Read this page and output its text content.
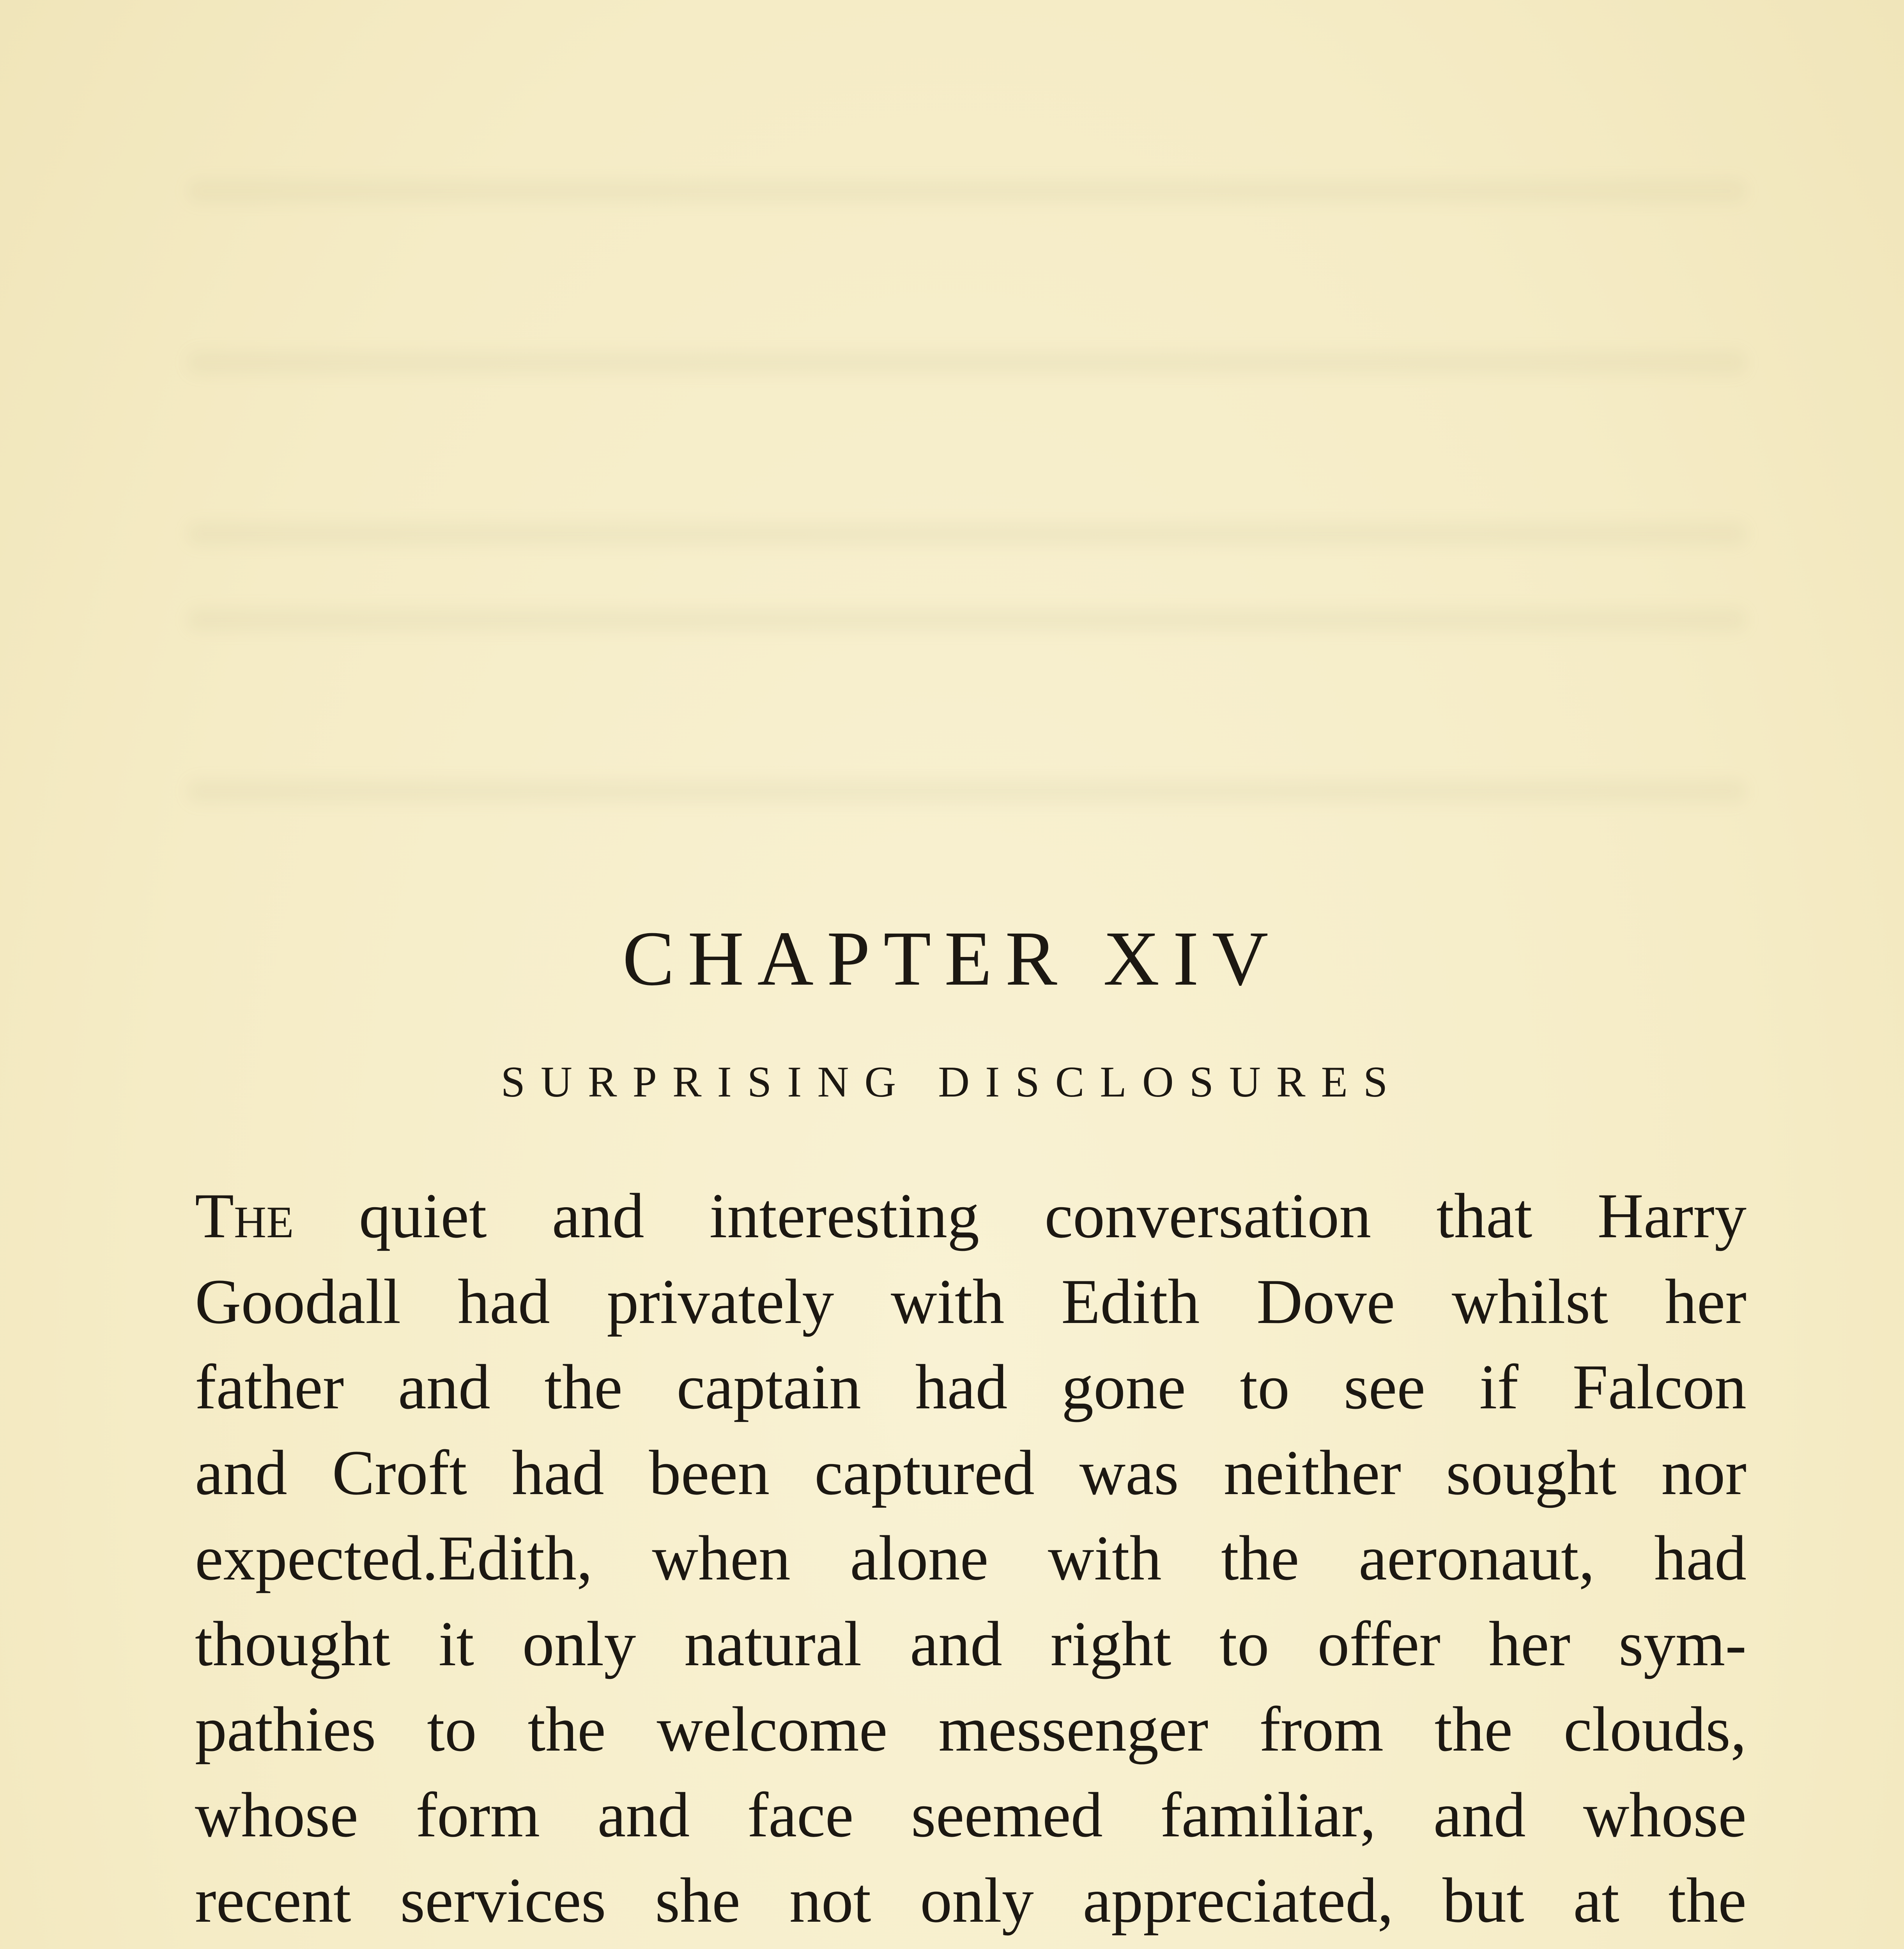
CHAPTER XIV
SURPRISING DISCLOSURES
The quiet and interesting conversation that Harry
Goodall had privately with Edith Dove whilst her
father and the captain had gone to see if Falcon
and Croft had been captured was neither sought nor
expected.Edith, when alone with the aeronaut, had
thought it only natural and right to offer her sym-
pathies to the welcome messenger from the clouds,
whose form and face seemed familiar, and whose
recent services she not only appreciated, but at the
